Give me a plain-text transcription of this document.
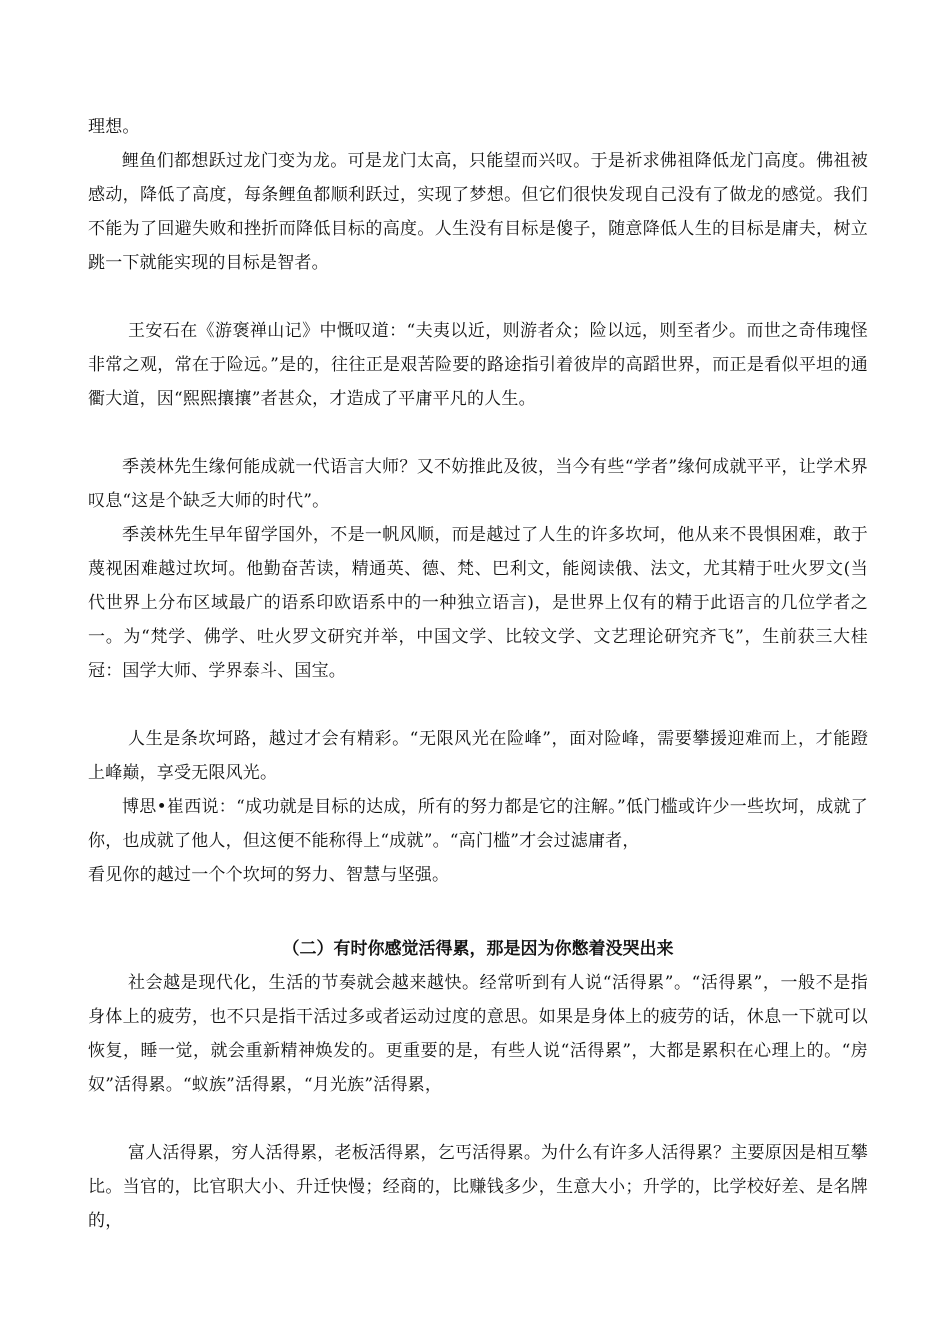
理想。

鲤鱼们都想跃过龙门变为龙。可是龙门太高，只能望而兴叹。于是祈求佛祖降低龙门高度。佛祖被感动，降低了高度，每条鲤鱼都顺利跃过，实现了梦想。但它们很快发现自己没有了做龙的感觉。我们不能为了回避失败和挫折而降低目标的高度。人生没有目标是傻子，随意降低人生的目标是庸夫，树立跳一下就能实现的目标是智者。

王安石在《游褒禅山记》中慨叹道：“夫夷以近，则游者众；险以远，则至者少。而世之奇伟瑰怪非常之观，常在于险远。”是的，往往正是艰苦险要的路途指引着彼岸的高蹈世界，而正是看似平坦的通衢大道，因“熙熙攘攘”者甚众，才造成了平庸平凡的人生。

季羡林先生缘何能成就一代语言大师？又不妨推此及彼，当今有些“学者”缘何成就平平，让学术界叹息“这是个缺乏大师的时代”。

季羡林先生早年留学国外，不是一帆风顺，而是越过了人生的许多坎坷，他从来不畏惧困难，敢于蔑视困难越过坎坷。他勤奋苦读，精通英、德、梵、巴利文，能阅读俄、法文，尤其精于吐火罗文(当代世界上分布区域最广的语系印欧语系中的一种独立语言)，是世界上仅有的精于此语言的几位学者之一。为“梵学、佛学、吐火罗文研究并举，中国文学、比较文学、文艺理论研究齐飞”，生前获三大桂冠：国学大师、学界泰斗、国宝。

人生是条坎坷路，越过才会有精彩。“无限风光在险峰”，面对险峰，需要攀援迎难而上，才能蹬上峰巅，享受无限风光。

博思•崔西说：“成功就是目标的达成，所有的努力都是它的注解。”低门槛或许少一些坎坷，成就了你，也成就了他人，但这便不能称得上“成就”。“高门槛”才会过滤庸者，

看见你的越过一个个坎坷的努力、智慧与坚强。

（二）有时你感觉活得累，那是因为你憋着没哭出来

社会越是现代化，生活的节奏就会越来越快。经常听到有人说“活得累”。“活得累”，一般不是指身体上的疲劳，也不只是指干活过多或者运动过度的意思。如果是身体上的疲劳的话，休息一下就可以恢复，睡一觉，就会重新精神焕发的。更重要的是，有些人说“活得累”，大都是累积在心理上的。“房奴”活得累。“蚁族”活得累，“月光族”活得累，

富人活得累，穷人活得累，老板活得累，乞丐活得累。为什么有许多人活得累？主要原因是相互攀比。当官的，比官职大小、升迁快慢；经商的，比赚钱多少，生意大小；升学的，比学校好差、是名牌的，
